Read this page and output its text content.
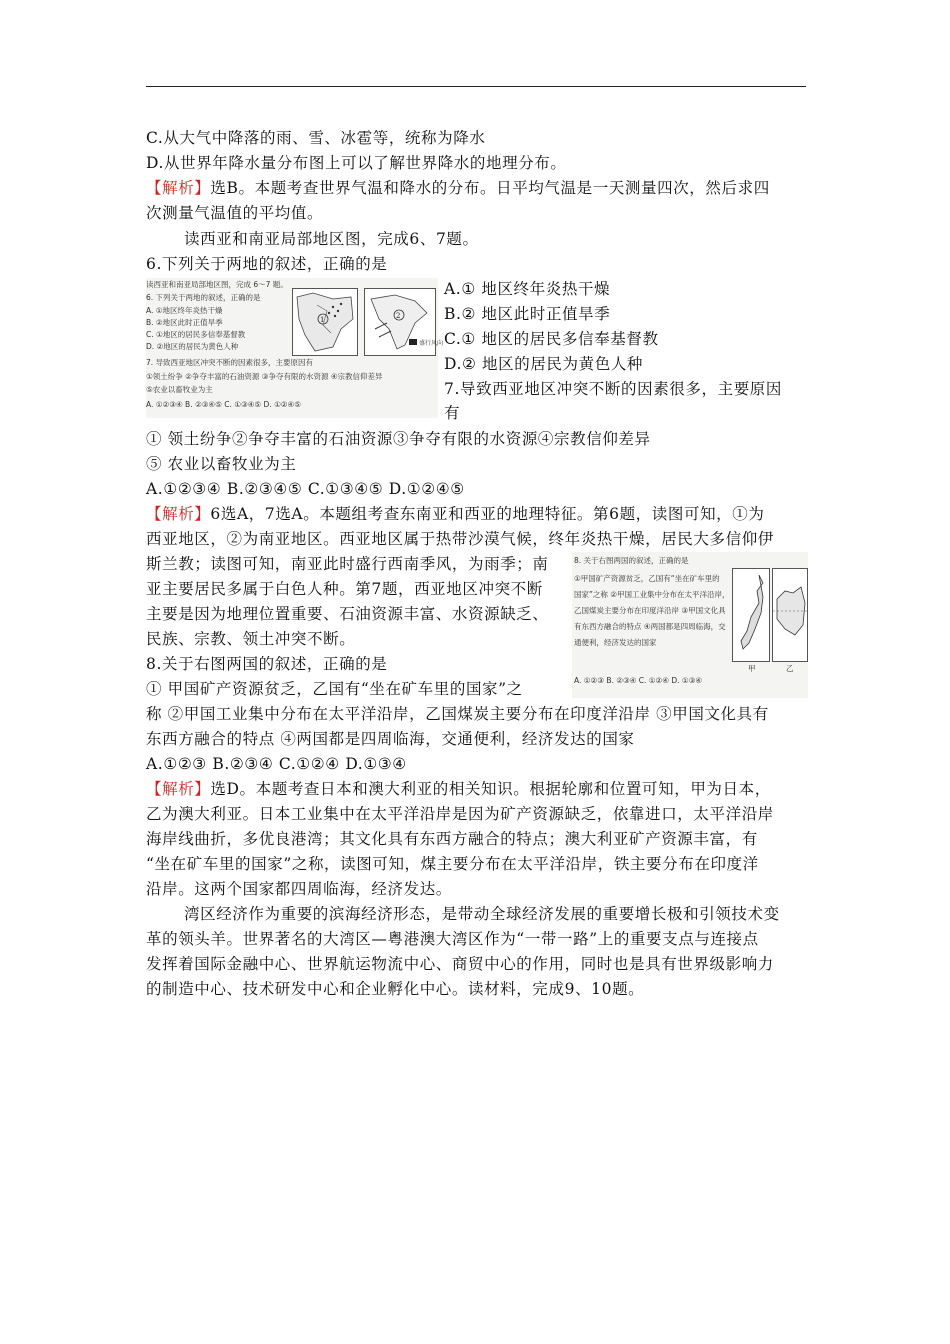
C.从大气中降落的雨、雪、冰雹等，统称为降水
D.从世界年降水量分布图上可以了解世界降水的地理分布。
【解析】选B。本题考查世界气温和降水的分布。日平均气温是一天测量四次，然后求四
次测量气温值的平均值。
读西亚和南亚局部地区图，完成6、7题。
6.下列关于两地的叙述，正确的是
读西亚和南亚局部地区图，完成 6～7 题。
6. 下列关于两地的叙述，正确的是
A. ①地区终年炎热干燥
B. ②地区此时正值旱季
C. ①地区的居民多信奉基督教
D. ②地区的居民为黄色人种
7. 导致西亚地区冲突不断的因素很多，主要原因有
①领土纷争 ②争夺丰富的石油资源 ③争夺有限的水资源 ④宗教信仰差异
⑤农业以畜牧业为主
A. ①②③④ B. ②③④⑤ C. ①③④⑤ D. ①②④⑤
1	2
盛行风向
A.① 地区终年炎热干燥
B.② 地区此时正值旱季
C.① 地区的居民多信奉基督教
D.② 地区的居民为黄色人种
7.导致西亚地区冲突不断的因素很多，主要原因
有
① 领土纷争②争夺丰富的石油资源③争夺有限的水资源④宗教信仰差异
⑤ 农业以畜牧业为主
A.①②③④ B.②③④⑤ C.①③④⑤ D.①②④⑤
【解析】6选A，7选A。本题组考查东南亚和西亚的地理特征。第6题，读图可知，①为
西亚地区，②为南亚地区。西亚地区属于热带沙漠气候，终年炎热干燥，居民大多信仰伊
斯兰教；读图可知，南亚此时盛行西南季风，为雨季；南
亚主要居民多属于白色人种。第7题，西亚地区冲突不断
主要是因为地理位置重要、石油资源丰富、水资源缺乏、
民族、宗教、领土冲突不断。
8. 关于右图两国的叙述，正确的是
①甲国矿产资源贫乏，乙国有“坐在矿车里的
国家”之称 ②甲国工业集中分布在太平洋沿岸，
乙国煤炭主要分布在印度洋沿岸 ③甲国文化具
有东西方融合的特点 ④两国都是四周临海，交
通便利，经济发达的国家
A. ①②③ B. ②③④ C. ①②④ D. ①③④
甲	乙
8.关于右图两国的叙述，正确的是
① 甲国矿产资源贫乏，乙国有“坐在矿车里的国家”之
称 ②甲国工业集中分布在太平洋沿岸，乙国煤炭主要分布在印度洋沿岸 ③甲国文化具有
东西方融合的特点 ④两国都是四周临海，交通便利，经济发达的国家
A.①②③ B.②③④ C.①②④ D.①③④
【解析】选D。本题考查日本和澳大利亚的相关知识。根据轮廓和位置可知，甲为日本，
乙为澳大利亚。日本工业集中在太平洋沿岸是因为矿产资源缺乏，依靠进口，太平洋沿岸
海岸线曲折，多优良港湾；其文化具有东西方融合的特点；澳大利亚矿产资源丰富，有
“坐在矿车里的国家”之称，读图可知，煤主要分布在太平洋沿岸，铁主要分布在印度洋
沿岸。这两个国家都四周临海，经济发达。
湾区经济作为重要的滨海经济形态，是带动全球经济发展的重要增长极和引领技术变
革的领头羊。世界著名的大湾区—粤港澳大湾区作为“一带一路”上的重要支点与连接点
发挥着国际金融中心、世界航运物流中心、商贸中心的作用，同时也是具有世界级影响力
的制造中心、技术研发中心和企业孵化中心。读材料，完成9、10题。
